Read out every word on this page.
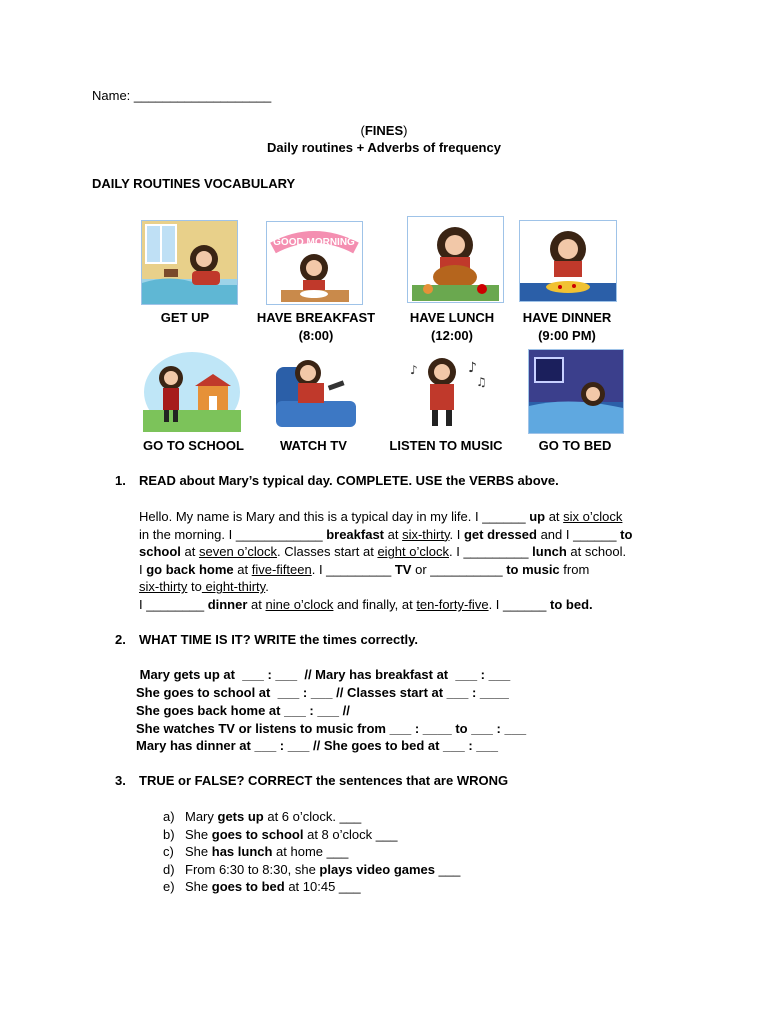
Name: ___________________
(FINES)
Daily routines + Adverbs of frequency
DAILY ROUTINES VOCABULARY
GOOD MORNING
GET UP	HAVE BREAKFAST
(8:00)
HAVE LUNCH
(12:00)
HAVE DINNER
(9:00 PM)
♪
♫
♪
GO TO SCHOOL	WATCH TV	LISTEN TO MUSIC	GO TO BED
1. READ about Mary’s typical day. COMPLETE. USE the VERBS above.
Hello. My name is Mary and this is a typical day in my life. I ______ up at six o’clock
in the morning. I ____________ breakfast at six-thirty. I get dressed and I ______ to
school at seven o’clock. Classes start at eight o’clock. I _________ lunch at school.
I go back home at five-fifteen. I _________ TV or __________ to music from
six-thirty to eight-thirty.
I ________ dinner at nine o’clock and finally, at ten-forty-five. I ______ to bed.
2. WHAT TIME IS IT? WRITE the times correctly.
Mary gets up at  ___ : ___  // Mary has breakfast at  ___ : ___
She goes to school at  ___ : ___ // Classes start at ___ : ____
She goes back home at ___ : ___ //
She watches TV or listens to music from ___ : ____ to ___ : ___
Mary has dinner at ___ : ___ // She goes to bed at ___ : ___
3. TRUE or FALSE? CORRECT the sentences that are WRONG
a) Mary gets up at 6 o’clock. ___
b) She goes to school at 8 o’clock ___
c) She has lunch at home ___
d) From 6:30 to 8:30, she plays video games ___
e) She goes to bed at 10:45 ___
